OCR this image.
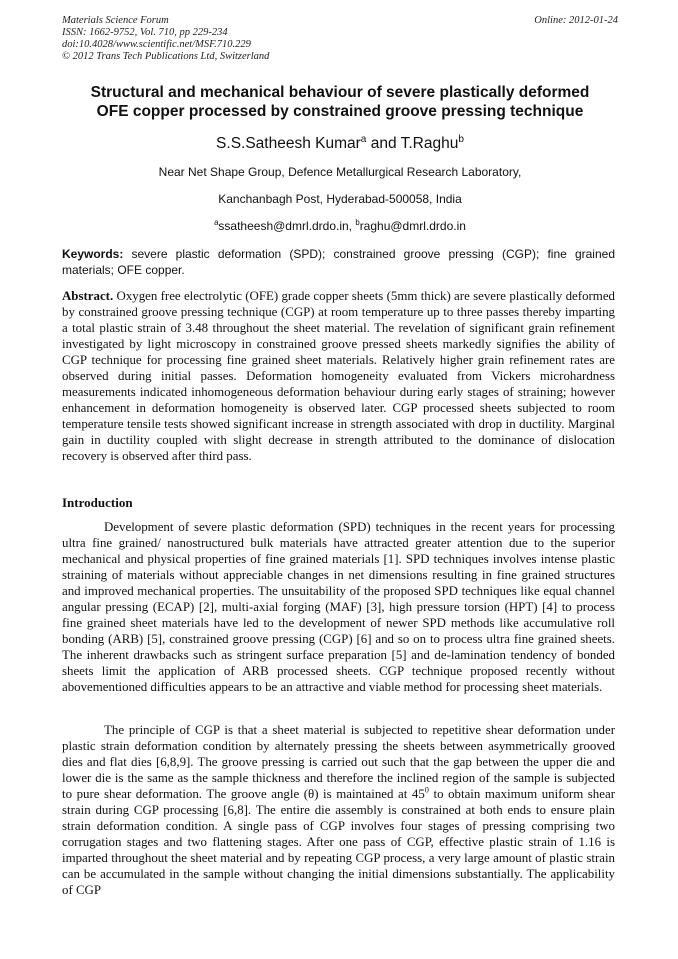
Materials Science Forum
ISSN: 1662-9752, Vol. 710, pp 229-234
doi:10.4028/www.scientific.net/MSF.710.229
© 2012 Trans Tech Publications Ltd, Switzerland
Online: 2012-01-24
Structural and mechanical behaviour of severe plastically deformed
OFE copper processed by constrained groove pressing technique
S.S.Satheesh Kumar$^a$ and T.Raghu$^b$
Near Net Shape Group, Defence Metallurgical Research Laboratory,
Kanchanbagh Post, Hyderabad-500058, India
$^a$ssatheesh@dmrl.drdo.in, $^b$raghu@dmrl.drdo.in
Keywords: severe plastic deformation (SPD); constrained groove pressing (CGP); fine grained materials; OFE copper.

Abstract. Oxygen free electrolytic (OFE) grade copper sheets (5mm thick) are severe plastically deformed by constrained groove pressing technique (CGP) at room temperature up to three passes thereby imparting a total plastic strain of 3.48 throughout the sheet material. The revelation of significant grain refinement investigated by light microscopy in constrained groove pressed sheets markedly signifies the ability of CGP technique for processing fine grained sheet materials. Relatively higher grain refinement rates are observed during initial passes. Deformation homogeneity evaluated from Vickers microhardness measurements indicated inhomogeneous deformation behaviour during early stages of straining; however enhancement in deformation homogeneity is observed later. CGP processed sheets subjected to room temperature tensile tests showed significant increase in strength associated with drop in ductility. Marginal gain in ductility coupled with slight decrease in strength attributed to the dominance of dislocation recovery is observed after third pass.

Introduction

Development of severe plastic deformation (SPD) techniques in the recent years for processing ultra fine grained/ nanostructured bulk materials have attracted greater attention due to the superior mechanical and physical properties of fine grained materials [1]. SPD techniques involves intense plastic straining of materials without appreciable changes in net dimensions resulting in fine grained structures and improved mechanical properties. The unsuitability of the proposed SPD techniques like equal channel angular pressing (ECAP) [2], multi-axial forging (MAF) [3], high pressure torsion (HPT) [4] to process fine grained sheet materials have led to the development of newer SPD methods like accumulative roll bonding (ARB) [5], constrained groove pressing (CGP) [6] and so on to process ultra fine grained sheets. The inherent drawbacks such as stringent surface preparation [5] and de-lamination tendency of bonded sheets limit the application of ARB processed sheets. CGP technique proposed recently without abovementioned difficulties appears to be an attractive and viable method for processing sheet materials.

The principle of CGP is that a sheet material is subjected to repetitive shear deformation under plastic strain deformation condition by alternately pressing the sheets between asymmetrically grooved dies and flat dies [6,8,9]. The groove pressing is carried out such that the gap between the upper die and lower die is the same as the sample thickness and therefore the inclined region of the sample is subjected to pure shear deformation. The groove angle (θ) is maintained at $45^0$ to obtain maximum uniform shear strain during CGP processing [6,8]. The entire die assembly is constrained at both ends to ensure plain strain deformation condition. A single pass of CGP involves four stages of pressing comprising two corrugation stages and two flattening stages. After one pass of CGP, effective plastic strain of 1.16 is imparted throughout the sheet material and by repeating CGP process, a very large amount of plastic strain can be accumulated in the sample without changing the initial dimensions substantially. The applicability of CGP
